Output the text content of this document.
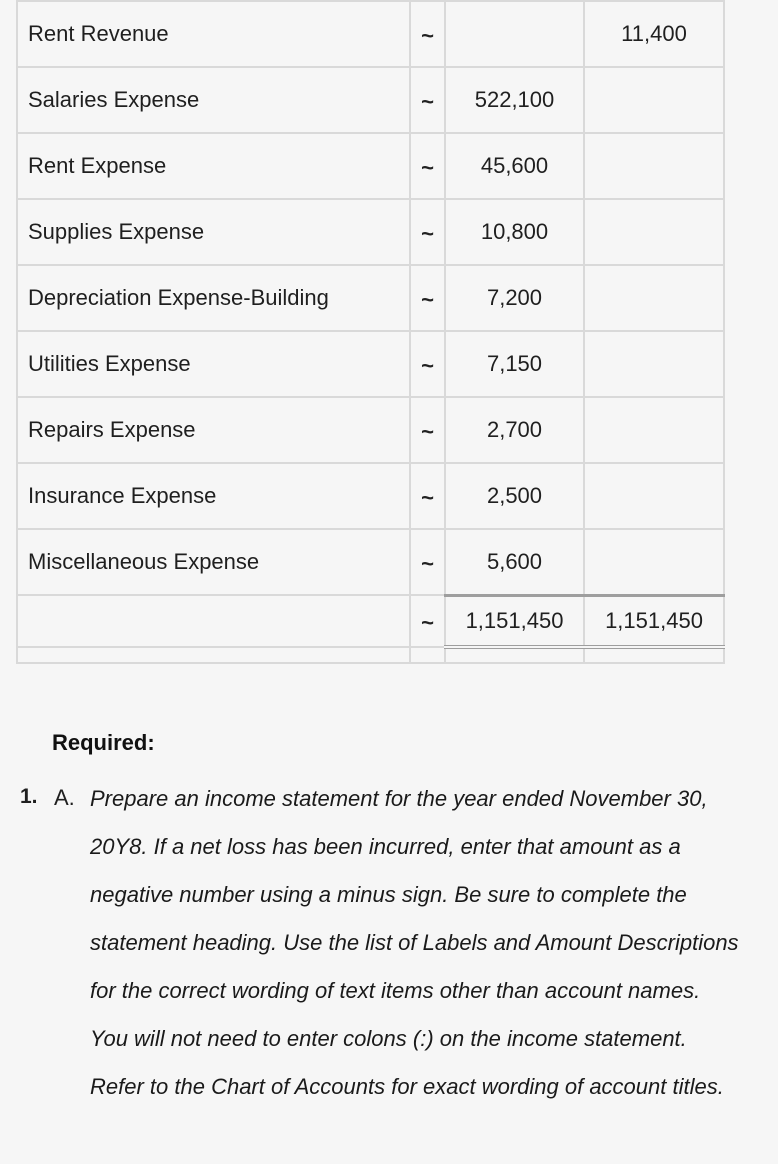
Rent Revenue	~		11,400
Salaries Expense	~	522,100	
Rent Expense	~	45,600	
Supplies Expense	~	10,800	
Depreciation Expense-Building	~	7,200	
Utilities Expense	~	7,150	
Repairs Expense	~	2,700	
Insurance Expense	~	2,500	
Miscellaneous Expense	~	5,600	
	~	1,151,450	1,151,450

Required:
1. A. Prepare an income statement for the year ended November 30, 20Y8. If a net loss has been incurred, enter that amount as a negative number using a minus sign. Be sure to complete the statement heading. Use the list of Labels and Amount Descriptions for the correct wording of text items other than account names. You will not need to enter colons (:) on the income statement. Refer to the Chart of Accounts for exact wording of account titles.
